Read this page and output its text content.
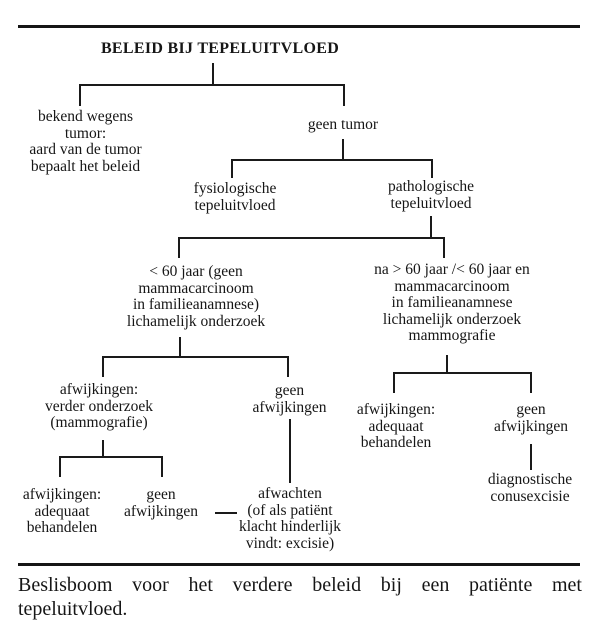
BELEID BIJ TEPELUITVLOED
bekend wegens
tumor:
aard van de tumor
bepaalt het beleid
geen tumor
fysiologische
tepeluitvloed
pathologische
tepeluitvloed
< 60 jaar (geen
mammacarcinoom
in familieanamnese)
lichamelijk onderzoek
na > 60 jaar /< 60 jaar en
mammacarcinoom
in familieanamnese
lichamelijk onderzoek
mammografie
afwijkingen:
verder onderzoek
(mammografie)
geen
afwijkingen	afwijkingen:
adequaat
behandelen
geen
afwijkingen
afwijkingen:
adequaat
behandelen
geen
afwijkingen
afwachten
(of als patiënt
klacht hinderlijk
vindt: excisie)
diagnostische
conusexcisie
Beslisboom voor het verdere beleid bij een patiënte met
tepeluitvloed.
